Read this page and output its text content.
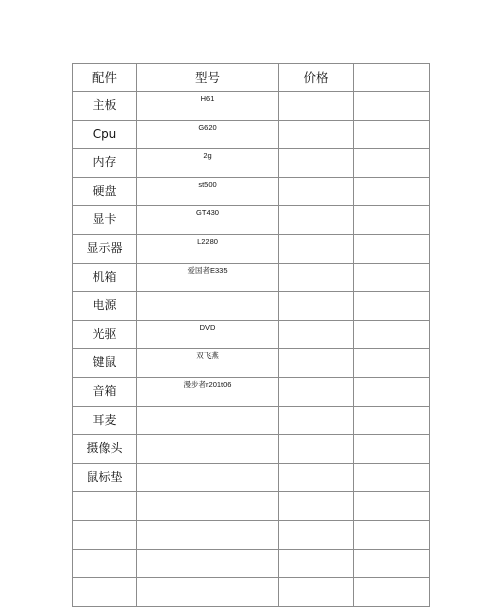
配件	型号	价格	
主板	H61		
Cpu	G620		
内存	2g		
硬盘	st500		
显卡	GT430		
显示器	L2280		
机箱	爱国者E335		
电源			
光驱	DVD		
键鼠	双飞燕		
音箱	漫步者r201t06		
耳麦			
摄像头			
鼠标垫			
